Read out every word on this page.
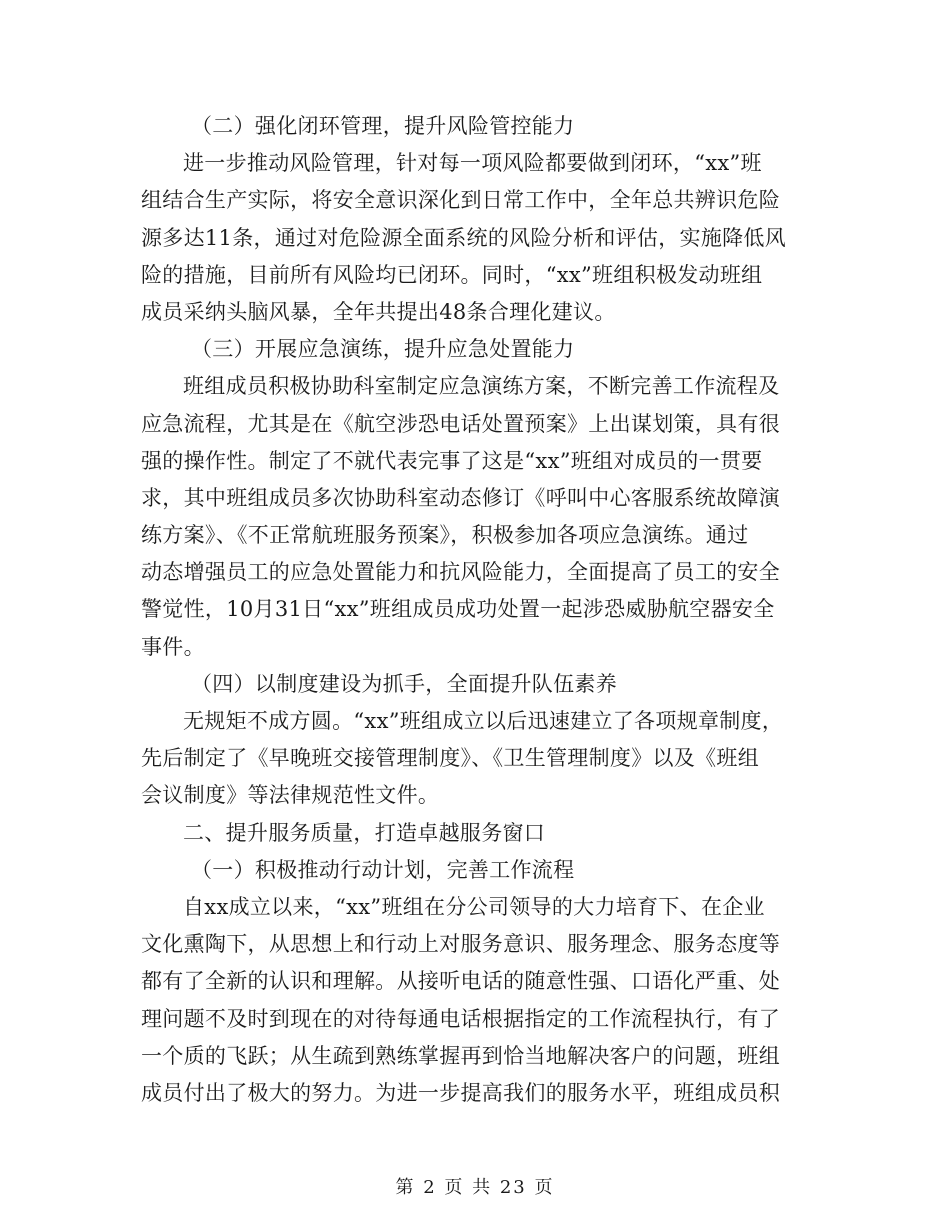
（二）强化闭环管理，提升风险管控能力
进一步推动风险管理，针对每一项风险都要做到闭环，“xx”班
组结合生产实际，将安全意识深化到日常工作中，全年总共辨识危险
源多达11条，通过对危险源全面系统的风险分析和评估，实施降低风
险的措施，目前所有风险均已闭环。同时，“xx”班组积极发动班组
成员采纳头脑风暴，全年共提出48条合理化建议。
（三）开展应急演练，提升应急处置能力
班组成员积极协助科室制定应急演练方案，不断完善工作流程及
应急流程，尤其是在《航空涉恐电话处置预案》上出谋划策，具有很
强的操作性。制定了不就代表完事了这是“xx”班组对成员的一贯要
求，其中班组成员多次协助科室动态修订《呼叫中心客服系统故障演
练方案》、《不正常航班服务预案》，积极参加各项应急演练。通过
动态增强员工的应急处置能力和抗风险能力，全面提高了员工的安全
警觉性，10月31日“xx”班组成员成功处置一起涉恐威胁航空器安全
事件。
（四）以制度建设为抓手，全面提升队伍素养
无规矩不成方圆。“xx”班组成立以后迅速建立了各项规章制度，
先后制定了《早晚班交接管理制度》、《卫生管理制度》以及《班组
会议制度》等法律规范性文件。
二、提升服务质量，打造卓越服务窗口
（一）积极推动行动计划，完善工作流程
自xx成立以来，“xx”班组在分公司领导的大力培育下、在企业
文化熏陶下，从思想上和行动上对服务意识、服务理念、服务态度等
都有了全新的认识和理解。从接听电话的随意性强、口语化严重、处
理问题不及时到现在的对待每通电话根据指定的工作流程执行，有了
一个质的飞跃；从生疏到熟练掌握再到恰当地解决客户的问题，班组
成员付出了极大的努力。为进一步提高我们的服务水平，班组成员积
第 2 页 共 23 页
